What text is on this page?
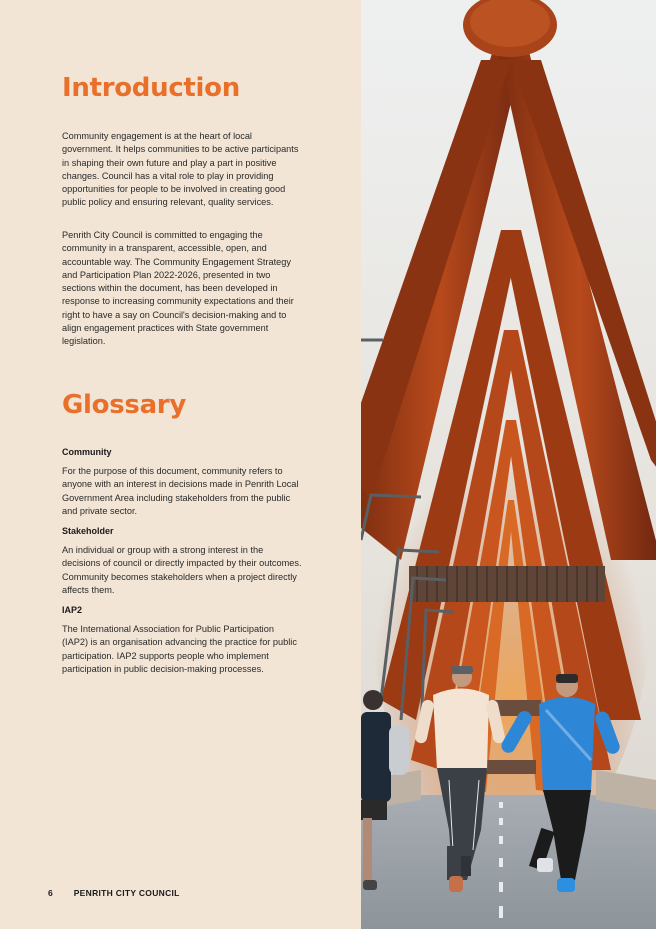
Introduction

Community engagement is at the heart of local government. It helps communities to be active participants in shaping their own future and play a part in positive changes. Council has a vital role to play in providing opportunities for people to be involved in creating good public policy and ensuring relevant, quality services.

Penrith City Council is committed to engaging the community in a transparent, accessible, open, and accountable way. The Community Engagement Strategy and Participation Plan 2022-2026, presented in two sections within the document, has been developed in response to increasing community expectations and their right to have a say on Council's decision-making and to align engagement practices with State government legislation.

Glossary
Community

For the purpose of this document, community refers to anyone with an interest in decisions made in Penrith Local Government Area including stakeholders from the public and private sector.

Stakeholder

An individual or group with a strong interest in the decisions of council or directly impacted by their outcomes. Community becomes stakeholders when a project directly affects them.

IAP2

The International Association for Public Participation (IAP2) is an organisation advancing the practice for public participation. IAP2 supports people who implement participation in public decision-making processes.

6 PENRITH CITY COUNCIL
